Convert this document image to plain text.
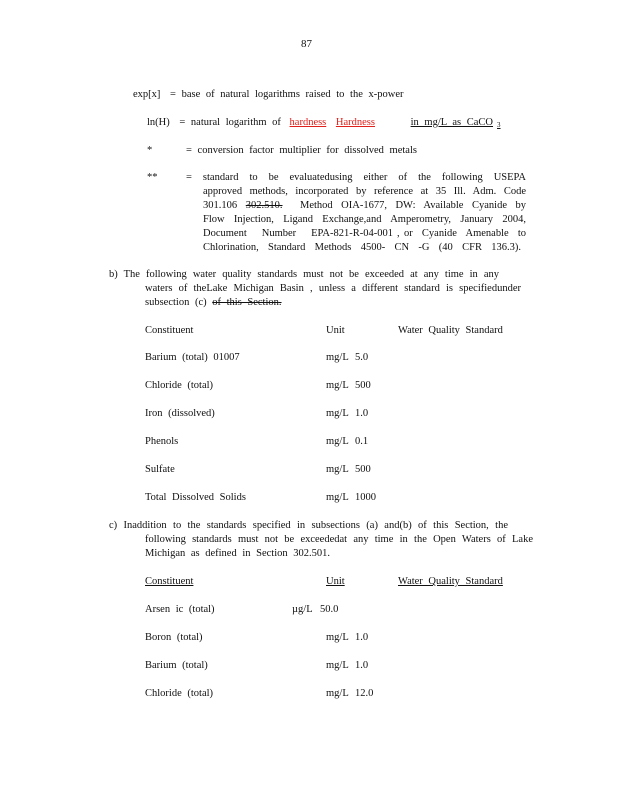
87
exp[x] = base of natural logarithms raised to the x-power
ln(H) = natural logarithm of hardness Hardness	in mg/L as CaCO $_3$
*	= conversion factor multiplier for dissolved metals
**	= standard to be evaluatedusing either of the following USEPA
approved methods, incorporated by reference at 35 Ill. Adm. Code
301.106 302.510. Method OIA-1677, DW: Available Cyanide by
Flow Injection, Ligand Exchange,and Amperometry, January 2004,
Document Number EPA-821-R-04-001 , or Cyanide Amenable to
Chlorination, Standard Methods 4500- CN -G (40 CFR 136.3).
b) The following water quality standards must not be exceeded at any time in any
waters of theLake Michigan Basin , unless a different standard is specifiedunder
subsection (c) of this Section.
Constituent	Unit	Water Quality Standard
Barium (total) 01007	mg/L 5.0
Chloride (total)	mg/L 500
Iron (dissolved)	mg/L 1.0
Phenols	mg/L 0.1
Sulfate	mg/L 500
Total Dissolved Solids	mg/L 1000
c) Inaddition to the standards specified in subsections (a) and(b) of this Section, the
following standards must not be exceededat any time in the Open Waters of Lake
Michigan as defined in Section 302.501.
Constituent	Unit	Water Quality Standard
Arsen ic (total)	µg/L 50.0
Boron (total)	mg/L 1.0
Barium (total)	mg/L 1.0
Chloride (total)	mg/L 12.0
